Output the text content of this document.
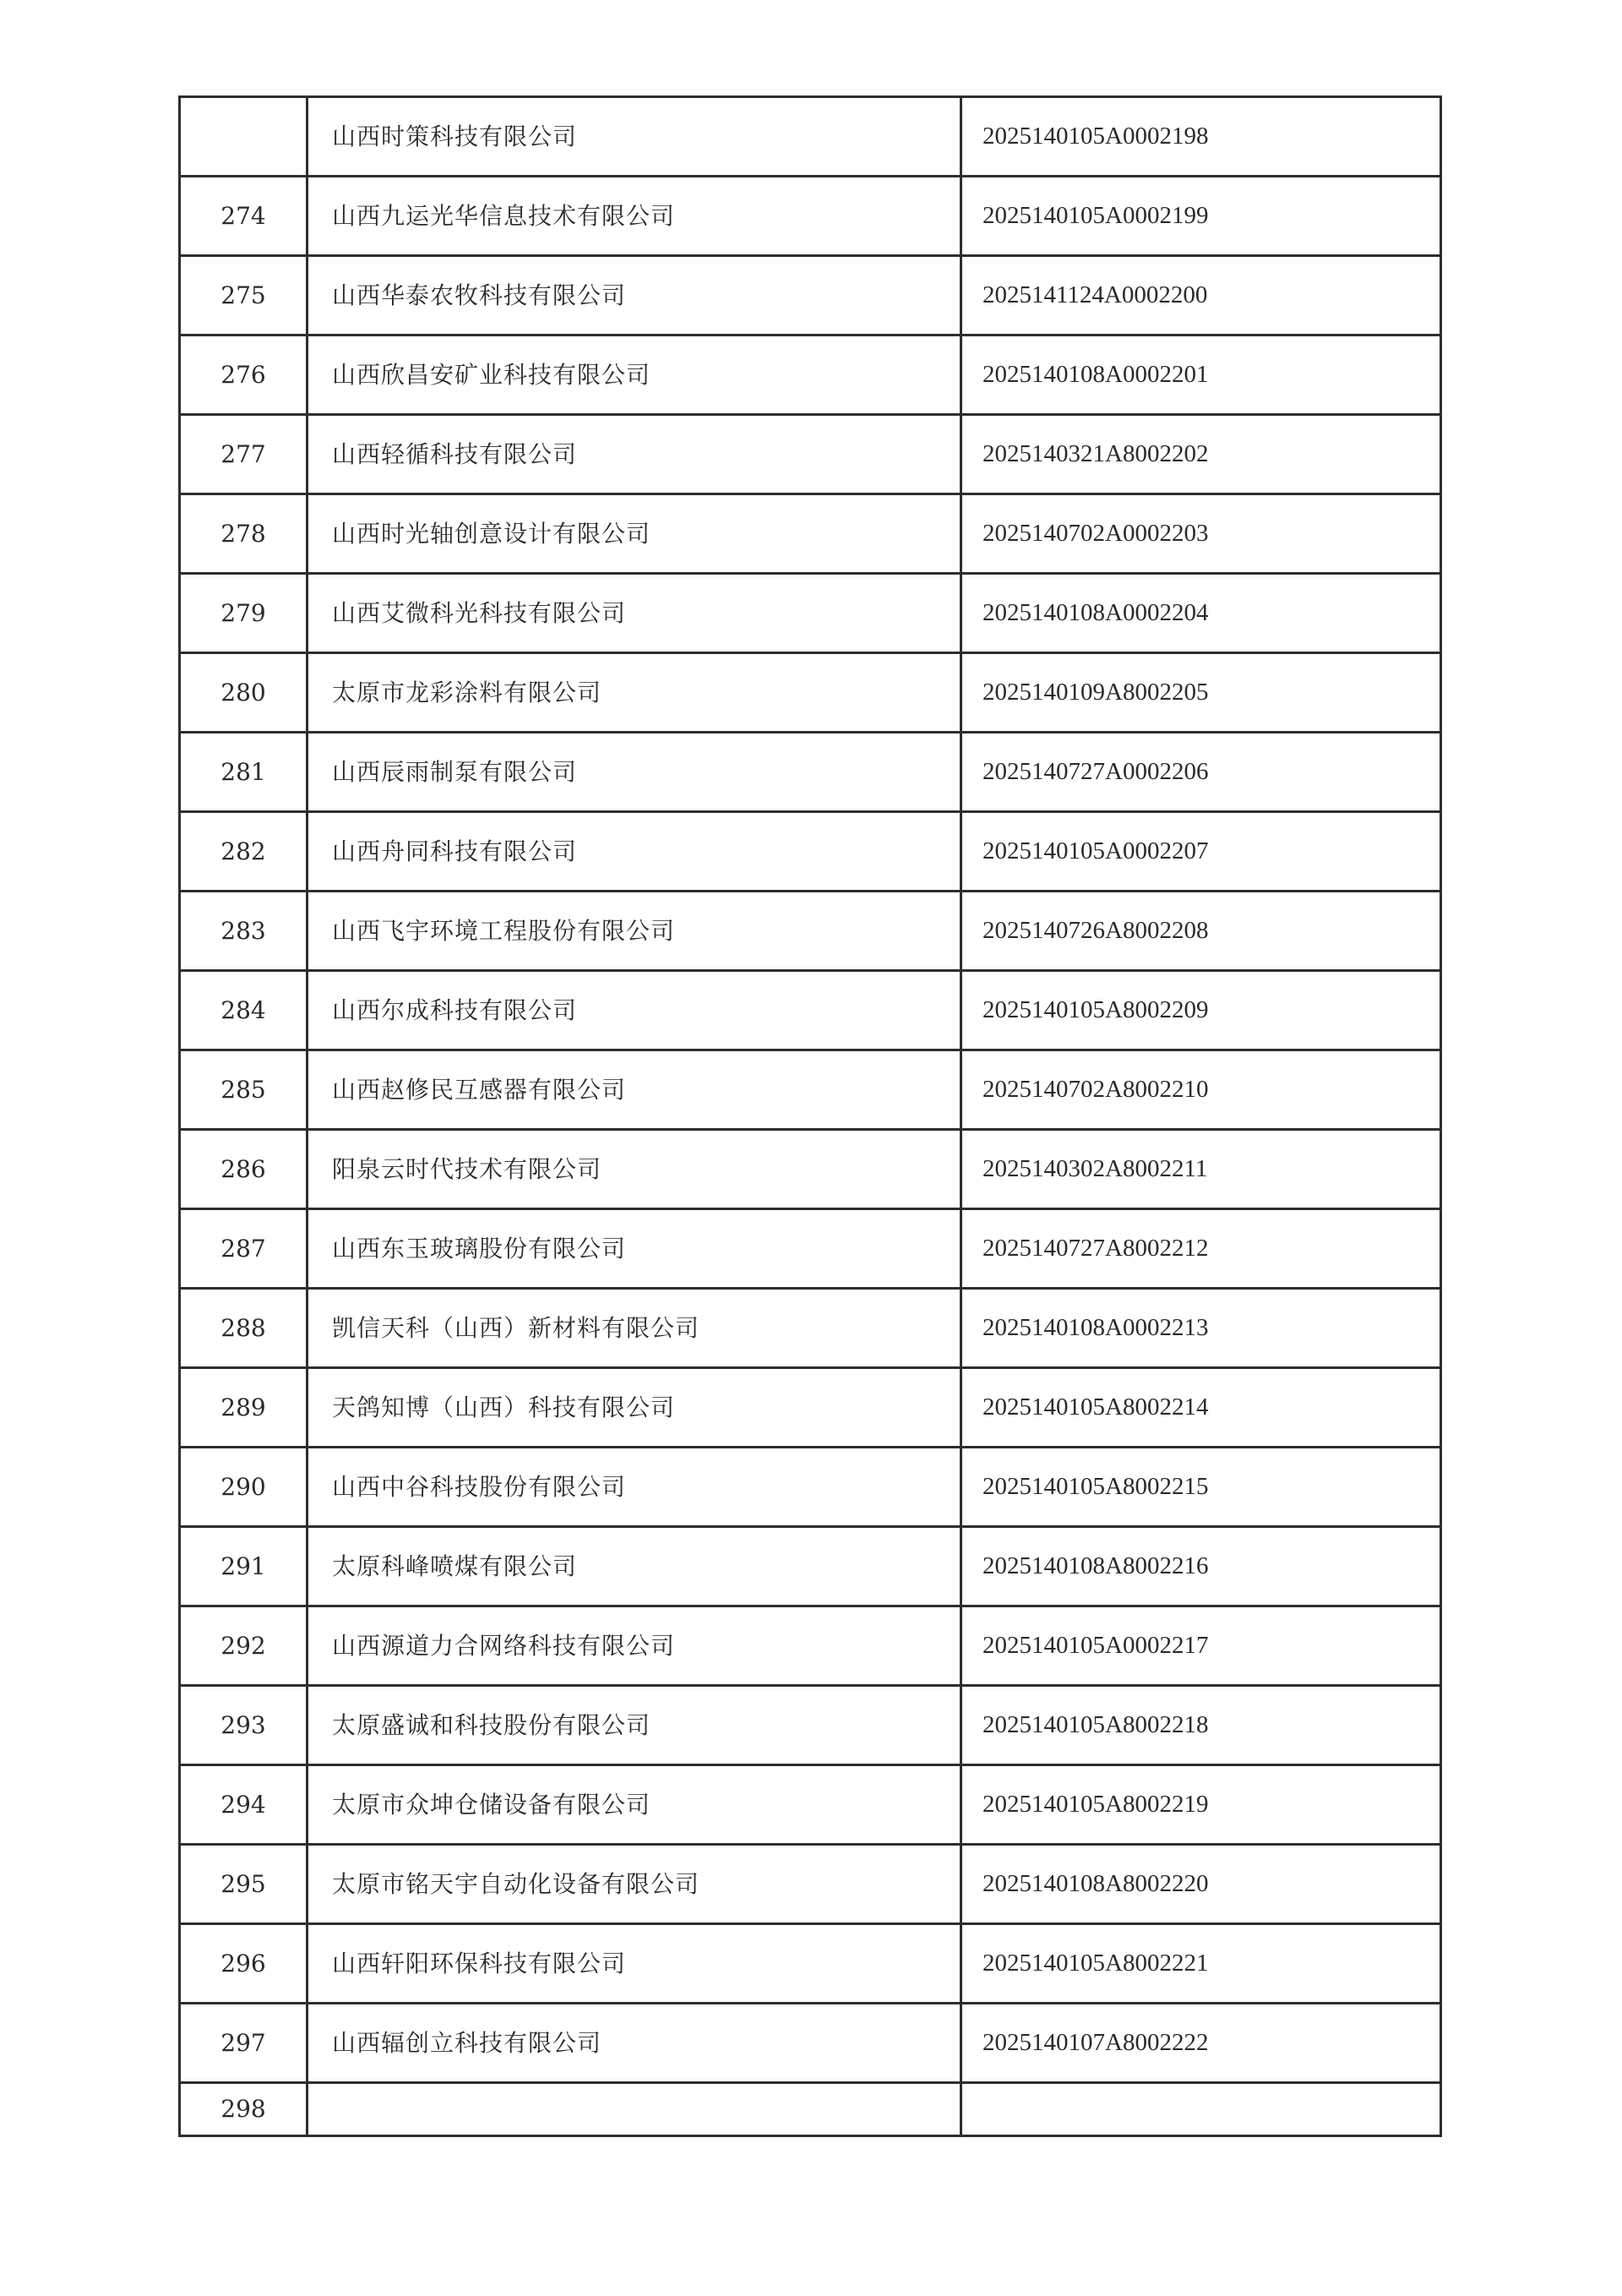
	山西时策科技有限公司	2025140105A0002198
274	山西九运光华信息技术有限公司	2025140105A0002199
275	山西华泰农牧科技有限公司	2025141124A0002200
276	山西欣昌安矿业科技有限公司	2025140108A0002201
277	山西轻循科技有限公司	2025140321A8002202
278	山西时光轴创意设计有限公司	2025140702A0002203
279	山西艾微科光科技有限公司	2025140108A0002204
280	太原市龙彩涂料有限公司	2025140109A8002205
281	山西辰雨制泵有限公司	2025140727A0002206
282	山西舟同科技有限公司	2025140105A0002207
283	山西飞宇环境工程股份有限公司	2025140726A8002208
284	山西尔成科技有限公司	2025140105A8002209
285	山西赵修民互感器有限公司	2025140702A8002210
286	阳泉云时代技术有限公司	2025140302A8002211
287	山西东玉玻璃股份有限公司	2025140727A8002212
288	凯信天科（山西）新材料有限公司	2025140108A0002213
289	天鸽知博（山西）科技有限公司	2025140105A8002214
290	山西中谷科技股份有限公司	2025140105A8002215
291	太原科峰喷煤有限公司	2025140108A8002216
292	山西源道力合网络科技有限公司	2025140105A0002217
293	太原盛诚和科技股份有限公司	2025140105A8002218
294	太原市众坤仓储设备有限公司	2025140105A8002219
295	太原市铭天宇自动化设备有限公司	2025140108A8002220
296	山西轩阳环保科技有限公司	2025140105A8002221
297	山西辐创立科技有限公司	2025140107A8002222
298		
